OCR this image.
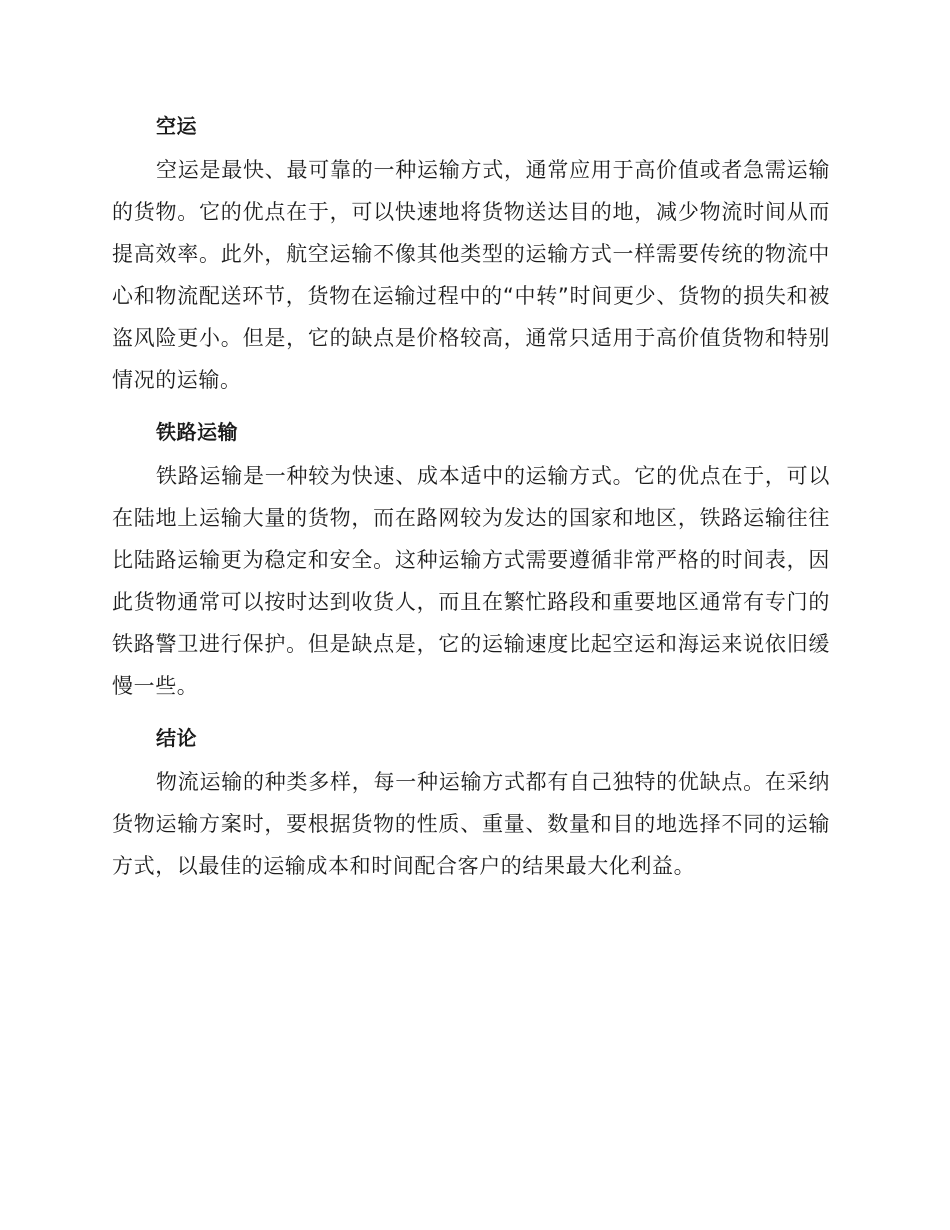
空运

空运是最快、最可靠的一种运输方式，通常应用于高价值或者急需运输的货物。它的优点在于，可以快速地将货物送达目的地，减少物流时间从而提高效率。此外，航空运输不像其他类型的运输方式一样需要传统的物流中心和物流配送环节，货物在运输过程中的“中转”时间更少、货物的损失和被盗风险更小。但是，它的缺点是价格较高，通常只适用于高价值货物和特别情况的运输。

铁路运输

铁路运输是一种较为快速、成本适中的运输方式。它的优点在于，可以在陆地上运输大量的货物，而在路网较为发达的国家和地区，铁路运输往往比陆路运输更为稳定和安全。这种运输方式需要遵循非常严格的时间表，因此货物通常可以按时达到收货人，而且在繁忙路段和重要地区通常有专门的铁路警卫进行保护。但是缺点是，它的运输速度比起空运和海运来说依旧缓慢一些。

结论

物流运输的种类多样，每一种运输方式都有自己独特的优缺点。在采纳货物运输方案时，要根据货物的性质、重量、数量和目的地选择不同的运输方式，以最佳的运输成本和时间配合客户的结果最大化利益。
